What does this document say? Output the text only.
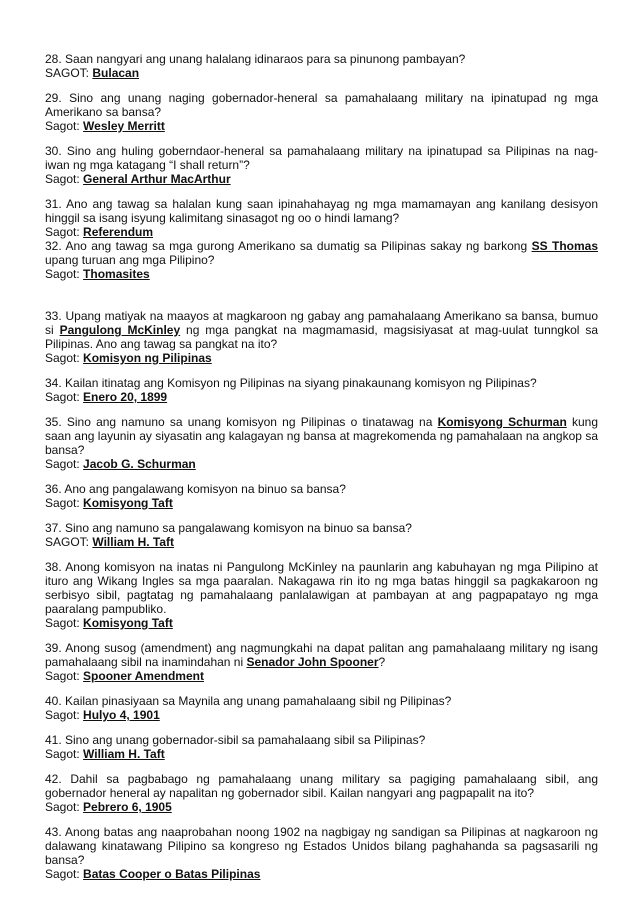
28. Saan nangyari ang unang halalang idinaraos para sa pinunong pambayan?

SAGOT: Bulacan

29. Sino ang unang naging gobernador-heneral sa pamahalaang military na ipinatupad ng mga Amerikano sa bansa?

Sagot: Wesley Merritt

30. Sino ang huling goberndaor-heneral sa pamahalaang military na ipinatupad sa Pilipinas na nag-iwan ng mga katagang “I shall return”?

Sagot: General Arthur MacArthur

31. Ano ang tawag sa halalan kung saan ipinahahayag ng mga mamamayan ang kanilang desisyon hinggil sa isang isyung kalimitang sinasagot ng oo o hindi lamang?

Sagot: Referendum

32. Ano ang tawag sa mga gurong Amerikano sa dumatig sa Pilipinas sakay ng barkong SS Thomas upang turuan ang mga Pilipino?

Sagot: Thomasites

33. Upang matiyak na maayos at magkaroon ng gabay ang pamahalaang Amerikano sa bansa, bumuo si Pangulong McKinley ng mga pangkat na magmamasid, magsisiyasat at mag-uulat tunngkol sa Pilipinas. Ano ang tawag sa pangkat na ito?

Sagot: Komisyon ng Pilipinas

34. Kailan itinatag ang Komisyon ng Pilipinas na siyang pinakaunang komisyon ng Pilipinas?

Sagot: Enero 20, 1899

35. Sino ang namuno sa unang komisyon ng Pilipinas o tinatawag na Komisyong Schurman kung saan ang layunin ay siyasatin ang kalagayan ng bansa at magrekomenda ng pamahalaan na angkop sa bansa?

Sagot: Jacob G. Schurman

36. Ano ang pangalawang komisyon na binuo sa bansa?

Sagot: Komisyong Taft

37. Sino ang namuno sa pangalawang komisyon na binuo sa bansa?

SAGOT: William H. Taft

38. Anong komisyon na inatas ni Pangulong McKinley na paunlarin ang kabuhayan ng mga Pilipino at ituro ang Wikang Ingles sa mga paaralan. Nakagawa rin ito ng mga batas hinggil sa pagkakaroon ng serbisyo sibil, pagtatag ng pamahalaang panlalawigan at pambayan at ang pagpapatayo ng mga paaralang pampubliko.

Sagot: Komisyong Taft

39. Anong susog (amendment) ang nagmungkahi na dapat palitan ang pamahalaang military ng isang pamahalaang sibil na inamindahan ni Senador John Spooner?

Sagot: Spooner Amendment

40. Kailan pinasiyaan sa Maynila ang unang pamahalaang sibil ng Pilipinas?

Sagot: Hulyo 4, 1901

41. Sino ang unang gobernador-sibil sa pamahalaang sibil sa Pilipinas?

Sagot: William H. Taft

42. Dahil sa pagbabago ng pamahalaang unang military sa pagiging pamahalaang sibil, ang gobernador heneral ay napalitan ng gobernador sibil. Kailan nangyari ang pagpapalit na ito?

Sagot: Pebrero 6, 1905

43. Anong batas ang naaprobahan noong 1902 na nagbigay ng sandigan sa Pilipinas at nagkaroon ng dalawang kinatawang Pilipino sa kongreso ng Estados Unidos bilang paghahanda sa pagsasarili ng bansa?

Sagot: Batas Cooper o Batas Pilipinas
